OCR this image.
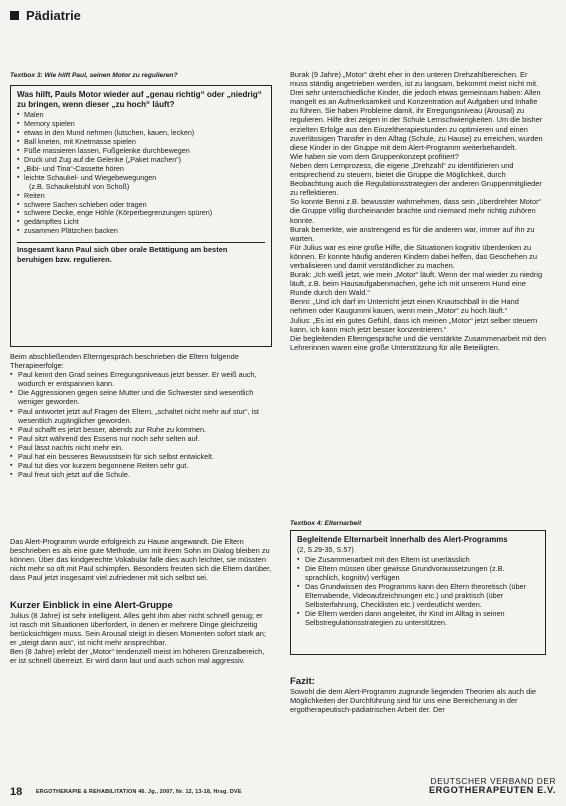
Pädiatrie
Textbox 3: Wie hilft Paul, seinen Motor zu regulieren?
Was hilft, Pauls Motor wieder auf „genau richtig“ oder „niedrig“ zu bringen, wenn dieser „zu hoch“ läuft?
▪ Malen
▪ Memory spielen
▪ etwas in den Mund nehmen (lutschen, kauen, lecken)
▪ Ball kneten, mit Knetmasse spielen
▪ Füße massieren lassen, Fußgelenke durchbewegen
▪ Druck und Zug auf die Gelenke („Paket machen“)
▪ „Bibi- und Tina“-Cassette hören
▪ leichte Schaukel- und Wiegebewegungen
(z.B. Schaukelstuhl von Schoß)
▪ Reiten
▪ schwere Sachen schieben oder tragen
▪ schwere Decke, enge Höhle (Körperbegrenzungen spüren)
▪ gedämpftes Licht
▪ zusammen Plätzchen backen
Insgesamt kann Paul sich über orale Betätigung am besten beruhigen bzw. regulieren.

Beim abschließenden Elterngespräch beschrieben die Eltern folgende Therapieerfolge:

▪ Paul kennt den Grad seines Erregungsniveaus jetzt besser. Er weiß auch, wodurch er entspannen kann.
▪ Die Aggressionen gegen seine Mutter und die Schwester sind wesentlich weniger geworden.
▪ Paul antwortet jetzt auf Fragen der Eltern, „schaltet nicht mehr auf stur“, ist wesentlich zugänglicher geworden.
▪ Paul schafft es jetzt besser, abends zur Ruhe zu kommen.
▪ Paul sitzt während des Essens nur noch sehr selten auf.
▪ Paul lässt nachts nicht mehr ein.
▪ Paul hat ein besseres Bewusstsein für sich selbst entwickelt.
▪ Paul tut dies vor kurzem begonnene Reiten sehr gut.
▪ Paul freut sich jetzt auf die Schule.

Das Alert-Programm wurde erfolgreich zu Hause angewandt. Die Eltern beschrieben es als eine gute Methode, um mit ihrem Sohn im Dialog bleiben zu können. Über das kindgerechte Vokabular falle dies auch leichter, sie müssten nicht mehr so oft mit Paul schimpfen. Besonders freuten sich die Eltern darüber, dass Paul jetzt insgesamt viel zufriedener mit sich selbst sei.

Kurzer Einblick in eine Alert-Gruppe

Julius (8 Jahre) ist sehr intelligent. Alles geht ihm aber nicht schnell genug; er ist rasch mit Situationen überfordert, in denen er mehrere Dinge gleichzeitig berücksichtigen muss. Sein Arousal steigt in diesen Momenten sofort stark an; er „steigt dann aus“, ist nicht mehr ansprechbar.

Ben (8 Jahre) erlebt der „Motor“ tendenziell meist im höheren Grenzalbereich, er ist schnell überreizt. Er wird dann laut und auch schon mal aggressiv.

Burak (9 Jahre) „Motor“ dreht eher in den unteren Drehzahlbereichen. Er muss ständig angetrieben werden, ist zu langsam, bekommt meist nicht mit.

Drei sehr unterschiedliche Kinder, die jedoch etwas gemeinsam haben: Allen mangelt es an Aufmerksamkeit und Konzentration auf Aufgaben und Inhalte zu führen. Sie haben Probleme damit, ihr Erregungsniveau (Arousal) zu regulieren. Hilfe drei zeigen in der Schule Lernschwierigkeiten. Um die bisher erzielten Erfolge aus den Einzeltherapiestunden zu optimieren und einen zuverlässigen Transfer in den Alltag (Schule, zu Hause) zu erreichen, wurden diese Kinder in der Gruppe mit dem Alert-Programm weiterbehandelt.

Wie haben sie vom dem Gruppenkonzept profitiert?

Neben dem Lernprozess, die eigene „Drehzahl“ zu identifizieren und entsprechend zu steuern, bietet die Gruppe die Möglichkeit, durch Beobachtung auch die Regulationsstrategien der anderen Gruppenmitglieder zu reflektieren.

So konnte Benni z.B. bewusster wahrnehmen, dass sein „überdrehter Motor“ die Gruppe völlig durcheinander brachte und niemand mehr richtig zuhören konnte.

Burak bemerkte, wie anstrengend es für die anderen war, immer auf ihn zu warten.

Für Julius war es eine große Hilfe, die Situationen kognitiv überdenken zu können. Er konnte häufig anderen Kindern dabei helfen, das Geschehen zu verbalisieren und damit verständlicher zu machen.

Burak: „Ich weiß jetzt, wie mein „Motor“ läuft. Wenn der mal wieder zu niedrig läuft, z.B. beim Hausaufgabenmachen, gehe ich mit unserem Hund eine Runde durch den Wald.“

Benni: „Und ich darf im Unterricht jetzt einen Knautschball in die Hand nehmen oder Kaugummi kauen, wenn mein „Motor“ zu hoch läuft.“

Julius: „Es ist ein gutes Gefühl, dass ich meinen „Motor“ jetzt selber steuern kann, ich kann mich jetzt besser konzentrieren.“

Die begleitenden Elterngespräche und die verstärkte Zusammenarbeit mit den Lehrerinnen waren eine große Unterstützung für alle Beteiligten.

Textbox 4: Elternarbeit
Begleitende Elternarbeit innerhalb des Alert-Programms

(2, S.29-35, S.57)

▪ Die Zusammenarbeit mit den Eltern ist unerlässlich
▪ Die Eltern müssen über gewisse Grundvoraussetzungen (z.B. sprachlich, kognitiv) verfügen
▪ Das Grundwissen des Programms kann den Eltern theoretisch (über Elternabende, Videoaufzeichnungen etc.) und praktisch (über Selbsterfahrung, Checklisten etc.) verdeutlicht werden.
▪ Die Eltern werden dann angeleitet, ihr Kind im Alltag in seinen Selbstregulationsstrategien zu unterstützen.

Fazit:

Sowohl die dem Alert-Programm zugrunde liegenden Theorien als auch die Möglichkeiten der Durchführung sind für uns eine Bereicherung in der ergotherapeutisch-pädiatrischen Arbeit der. Der

18	ERGOTHERAPIE & REHABILITATION 46. Jg., 2007, Nr. 12, 13-18, Hrsg. DVE
DEUTSCHER VERBAND DER
ERGOTHERAPEUTEN E.V.
